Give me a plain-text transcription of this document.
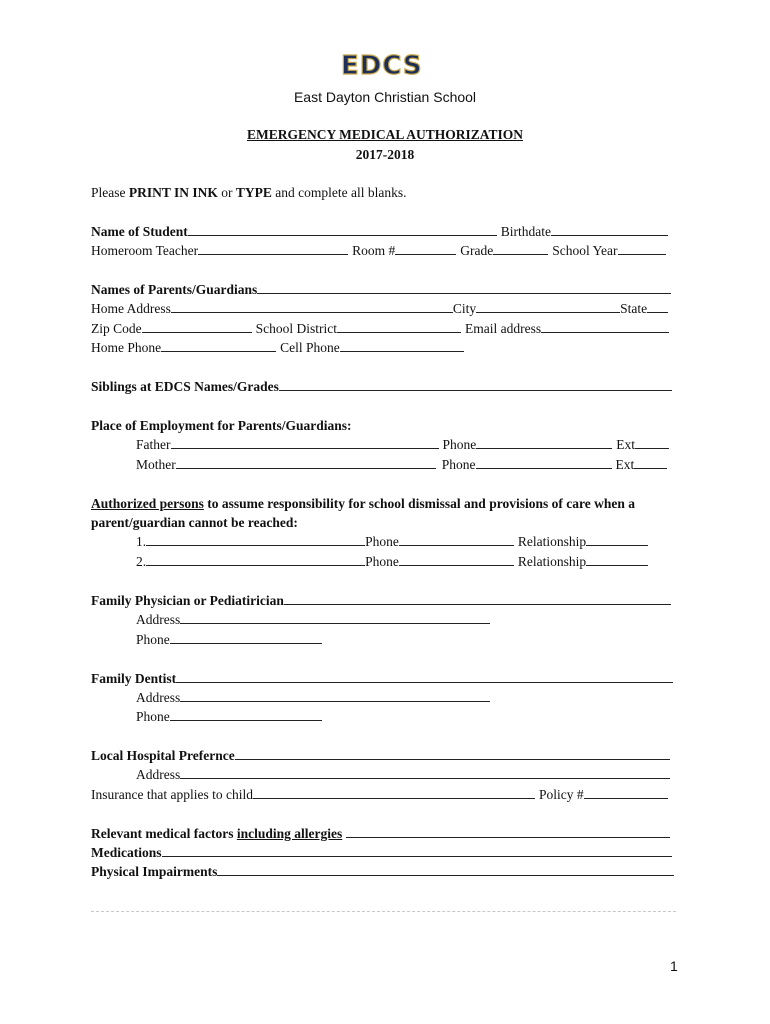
EDCS
East Dayton Christian School
EMERGENCY MEDICAL AUTHORIZATION
2017-2018
Please PRINT IN INK or TYPE and complete all blanks.
Name of Student	Birthdate
Homeroom Teacher	Room #	Grade	School Year
Names of Parents/Guardians
Home Address	City	State
Zip Code	School District	Email address
Home Phone	Cell Phone
Siblings at EDCS Names/Grades
Place of Employment for Parents/Guardians:
Father	Phone	Ext
Mother	Phone	Ext
Authorized persons to assume responsibility for school dismissal and provisions of care when a
parent/guardian cannot be reached:
1.	Phone	Relationship
2.	Phone	Relationship
Family Physician or Pediatirician
Address
Phone
Family Dentist
Address
Phone
Local Hospital Prefernce
Address
Insurance that applies to child	Policy #
Relevant medical factors including allergies
Medications
Physical Impairments
1
